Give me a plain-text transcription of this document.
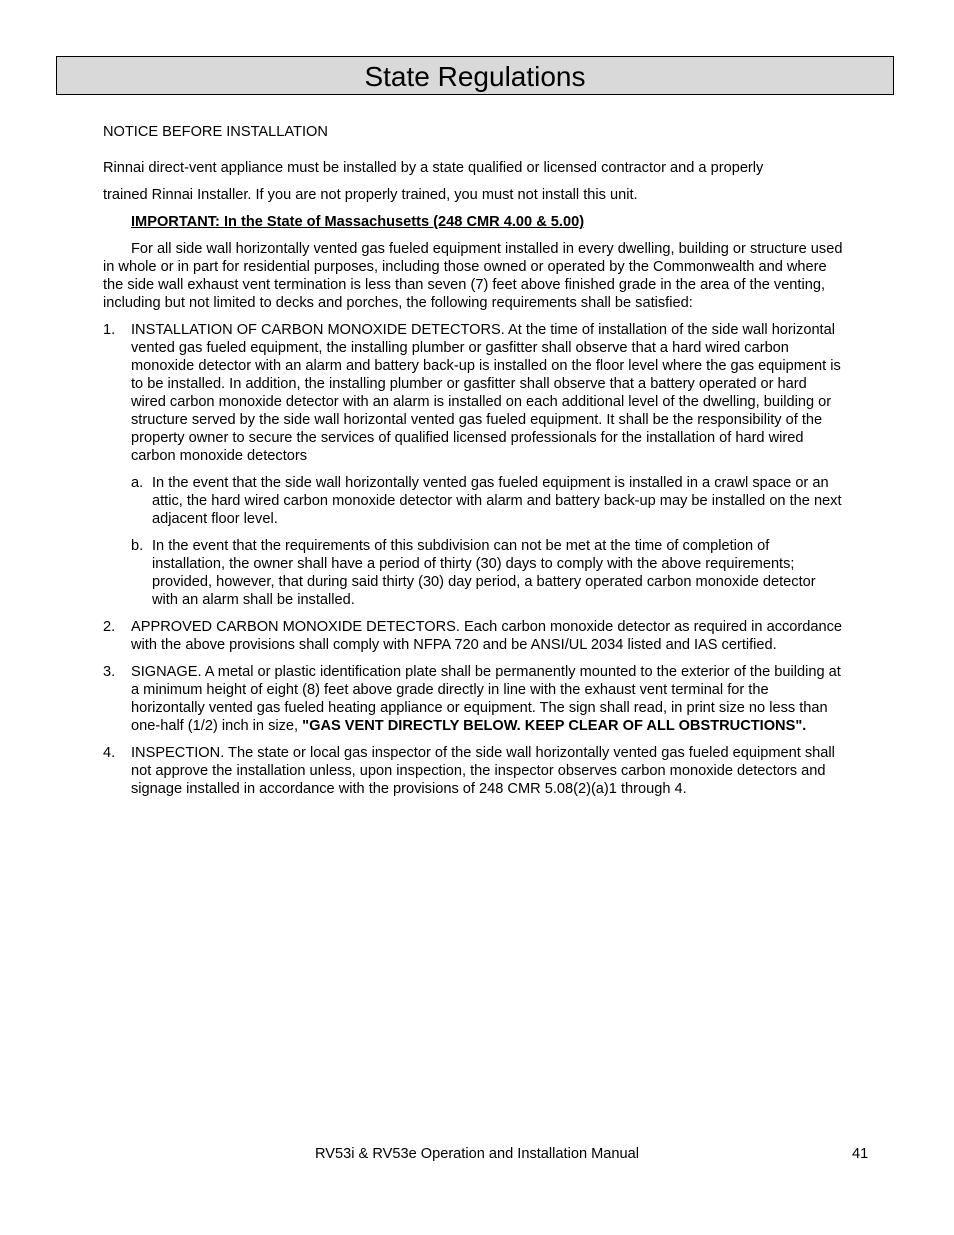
State Regulations

NOTICE BEFORE INSTALLATION

Rinnai direct-vent appliance must be installed by a state qualified or licensed contractor and a properly

trained Rinnai Installer. If you are not properly trained, you must not install this unit.

IMPORTANT: In the State of Massachusetts (248 CMR 4.00 & 5.00)

For all side wall horizontally vented gas fueled equipment installed in every dwelling, building or structure used in whole or in part for residential purposes, including those owned or operated by the Commonwealth and where the side wall exhaust vent termination is less than seven (7) feet above finished grade in the area of the venting, including but not limited to decks and porches, the following requirements shall be satisfied:

1. INSTALLATION OF CARBON MONOXIDE DETECTORS. At the time of installation of the side wall horizontal vented gas fueled equipment, the installing plumber or gasfitter shall observe that a hard wired carbon monoxide detector with an alarm and battery back-up is installed on the floor level where the gas equipment is to be installed. In addition, the installing plumber or gasfitter shall observe that a battery operated or hard wired carbon monoxide detector with an alarm is installed on each additional level of the dwelling, building or structure served by the side wall horizontal vented gas fueled equipment. It shall be the responsibility of the property owner to secure the services of qualified licensed professionals for the installation of hard wired carbon monoxide detectors
a. In the event that the side wall horizontally vented gas fueled equipment is installed in a crawl space or an attic, the hard wired carbon monoxide detector with alarm and battery back-up may be installed on the next adjacent floor level.
b. In the event that the requirements of this subdivision can not be met at the time of completion of installation, the owner shall have a period of thirty (30) days to comply with the above requirements; provided, however, that during said thirty (30) day period, a battery operated carbon monoxide detector with an alarm shall be installed.
2. APPROVED CARBON MONOXIDE DETECTORS. Each carbon monoxide detector as required in accordance with the above provisions shall comply with NFPA 720 and be ANSI/UL 2034 listed and IAS certified.
3. SIGNAGE. A metal or plastic identification plate shall be permanently mounted to the exterior of the building at a minimum height of eight (8) feet above grade directly in line with the exhaust vent terminal for the horizontally vented gas fueled heating appliance or equipment. The sign shall read, in print size no less than one-half (1/2) inch in size, "GAS VENT DIRECTLY BELOW. KEEP CLEAR OF ALL OBSTRUCTIONS".
4. INSPECTION. The state or local gas inspector of the side wall horizontally vented gas fueled equipment shall not approve the installation unless, upon inspection, the inspector observes carbon monoxide detectors and signage installed in accordance with the provisions of 248 CMR 5.08(2)(a)1 through 4.
RV53i & RV53e Operation and Installation Manual	41
